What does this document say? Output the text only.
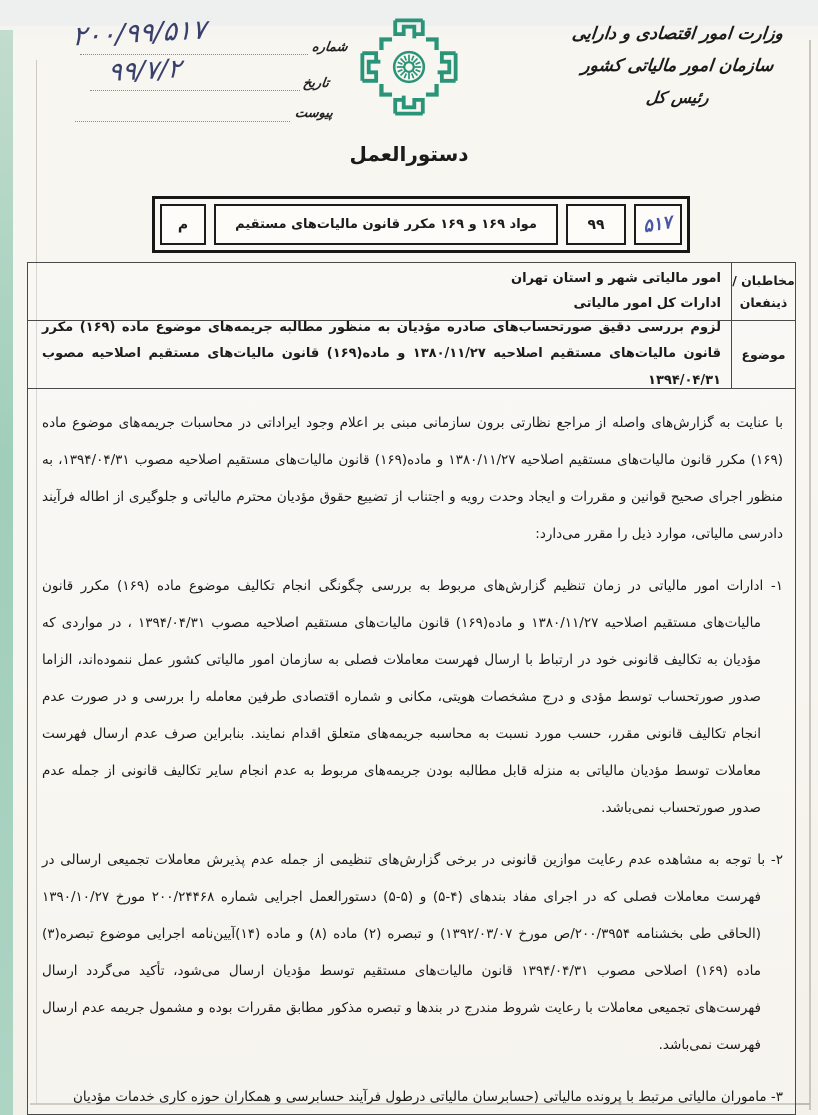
وزارت امور اقتصادی و دارایی
سازمان امور مالیاتی کشور
رئیس کل
شماره
۲۰۰/۹۹/۵۱۷
تاریخ
۹۹/۷/۲
پیوست
دستورالعمل
م	مواد ۱۶۹ و ۱۶۹ مکرر قانون مالیات‌های مستقیم	۹۹	۵۱۷
مخاطبان /
ذینفعان
امور مالیاتی شهر و استان تهران
ادارات کل امور مالیاتی
موضوع
لزوم بررسی دقیق صورتحساب‌های صادره مؤدیان به منظور مطالبه جریمه‌های موضوع ماده (۱۶۹) مکرر قانون مالیات‌های مستقیم اصلاحیه ۱۳۸۰/۱۱/۲۷ و ماده(۱۶۹) قانون مالیات‌های مستقیم اصلاحیه مصوب ۱۳۹۴/۰۴/۳۱

با عنایت به گزارش‌های واصله از مراجع نظارتی برون سازمانی مبنی بر اعلام وجود ایراداتی در محاسبات جریمه‌های موضوع ماده (۱۶۹) مکرر قانون مالیات‌های مستقیم اصلاحیه ۱۳۸۰/۱۱/۲۷ و ماده(۱۶۹) قانون مالیات‌های مستقیم اصلاحیه مصوب ۱۳۹۴/۰۴/۳۱، به منظور اجرای صحیح قوانین و مقررات و ایجاد وحدت رویه و اجتناب از تضییع حقوق مؤدیان محترم مالیاتی و جلوگیری از اطاله فرآیند دادرسی مالیاتی، موارد ذیل را مقرر می‌دارد:

۱- ادارات امور مالیاتی در زمان تنظیم گزارش‌های مربوط به بررسی چگونگی انجام تکالیف موضوع ماده (۱۶۹) مکرر قانون مالیات‌های مستقیم اصلاحیه ۱۳۸۰/۱۱/۲۷ و ماده(۱۶۹) قانون مالیات‌های مستقیم اصلاحیه مصوب ۱۳۹۴/۰۴/۳۱ ، در مواردی که مؤدیان به تکالیف قانونی خود در ارتباط با ارسال فهرست معاملات فصلی به سازمان امور مالیاتی کشور عمل ننموده‌اند، الزاما صدور صورتحساب توسط مؤدی و درج مشخصات هویتی، مکانی و شماره اقتصادی طرفین معامله را بررسی و در صورت عدم انجام تکالیف قانونی مقرر، حسب مورد نسبت به محاسبه جریمه‌های متعلق اقدام نمایند. بنابراین صرف عدم ارسال فهرست معاملات توسط مؤدیان مالیاتی به منزله قابل مطالبه بودن جریمه‌های مربوط به عدم انجام سایر تکالیف قانونی از جمله عدم صدور صورتحساب نمی‌باشد.

۲- با توجه به مشاهده عدم رعایت موازین قانونی در برخی گزارش‌های تنظیمی از جمله عدم پذیرش معاملات تجمیعی ارسالی در فهرست معاملات فصلی که در اجرای مفاد بندهای (۴-۵) و (۵-۵) دستورالعمل اجرایی شماره ۲۰۰/۲۴۴۶۸ مورخ ۱۳۹۰/۱۰/۲۷ (الحاقی طی بخشنامه ۲۰۰/۳۹۵۴/ص مورخ ۱۳۹۲/۰۳/۰۷) و تبصره (۲) ماده (۸) و ماده (۱۴)آیین‌نامه اجرایی موضوع تبصره(۳) ماده (۱۶۹) اصلاحی مصوب ۱۳۹۴/۰۴/۳۱ قانون مالیات‌های مستقیم توسط مؤدیان ارسال می‌شود، تأکید می‌گردد ارسال فهرست‌های تجمیعی معاملات با رعایت شروط مندرج در بندها و تبصره مذکور مطابق مقررات بوده و مشمول جریمه عدم ارسال فهرست نمی‌باشد.

۳- ماموران مالیاتی مرتبط با پرونده مالیاتی (حسابرسان مالیاتی درطول فرآیند حسابرسی و همکاران حوزه کاری خدمات مؤدیان
